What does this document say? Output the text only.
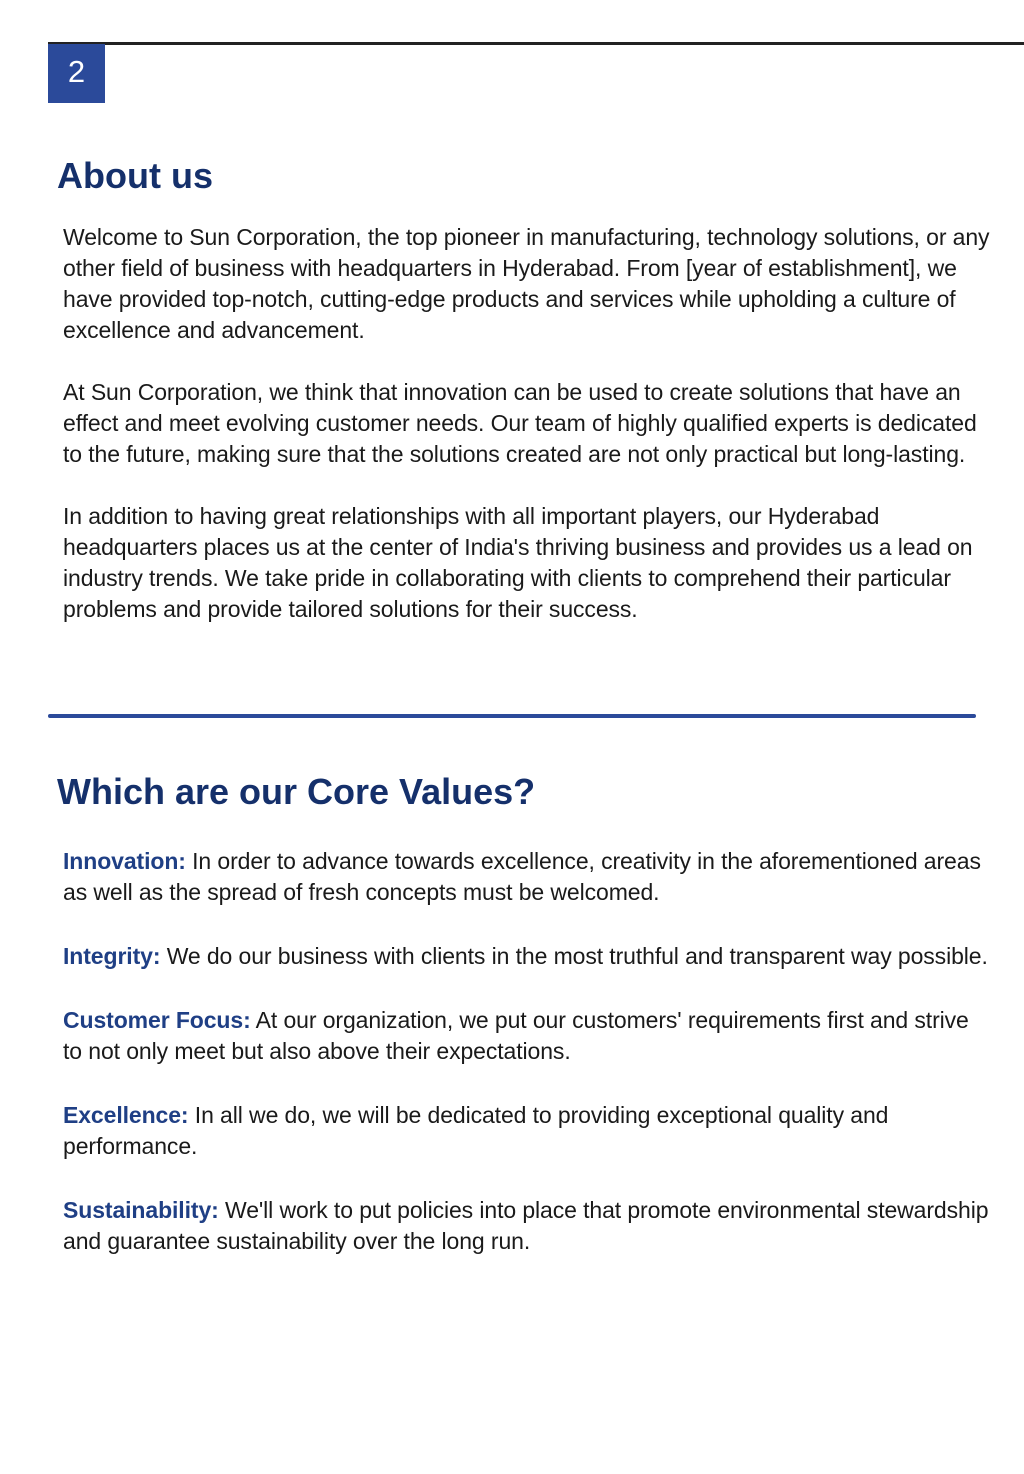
2
About us

Welcome to Sun Corporation, the top pioneer in manufacturing, technology solutions, or any other field of business with headquarters in Hyderabad. From [year of establishment], we have provided top-notch, cutting-edge products and services while upholding a culture of excellence and advancement.

At Sun Corporation, we think that innovation can be used to create solutions that have an effect and meet evolving customer needs. Our team of highly qualified experts is dedicated to the future, making sure that the solutions created are not only practical but long-lasting.

In addition to having great relationships with all important players, our Hyderabad headquarters places us at the center of India's thriving business and provides us a lead on industry trends. We take pride in collaborating with clients to comprehend their particular problems and provide tailored solutions for their success.

Which are our Core Values?

Innovation: In order to advance towards excellence, creativity in the aforementioned areas as well as the spread of fresh concepts must be welcomed.

Integrity: We do our business with clients in the most truthful and transparent way possible.

Customer Focus: At our organization, we put our customers' requirements first and strive to not only meet but also above their expectations.

Excellence: In all we do, we will be dedicated to providing exceptional quality and performance.

Sustainability: We'll work to put policies into place that promote environmental stewardship and guarantee sustainability over the long run.
